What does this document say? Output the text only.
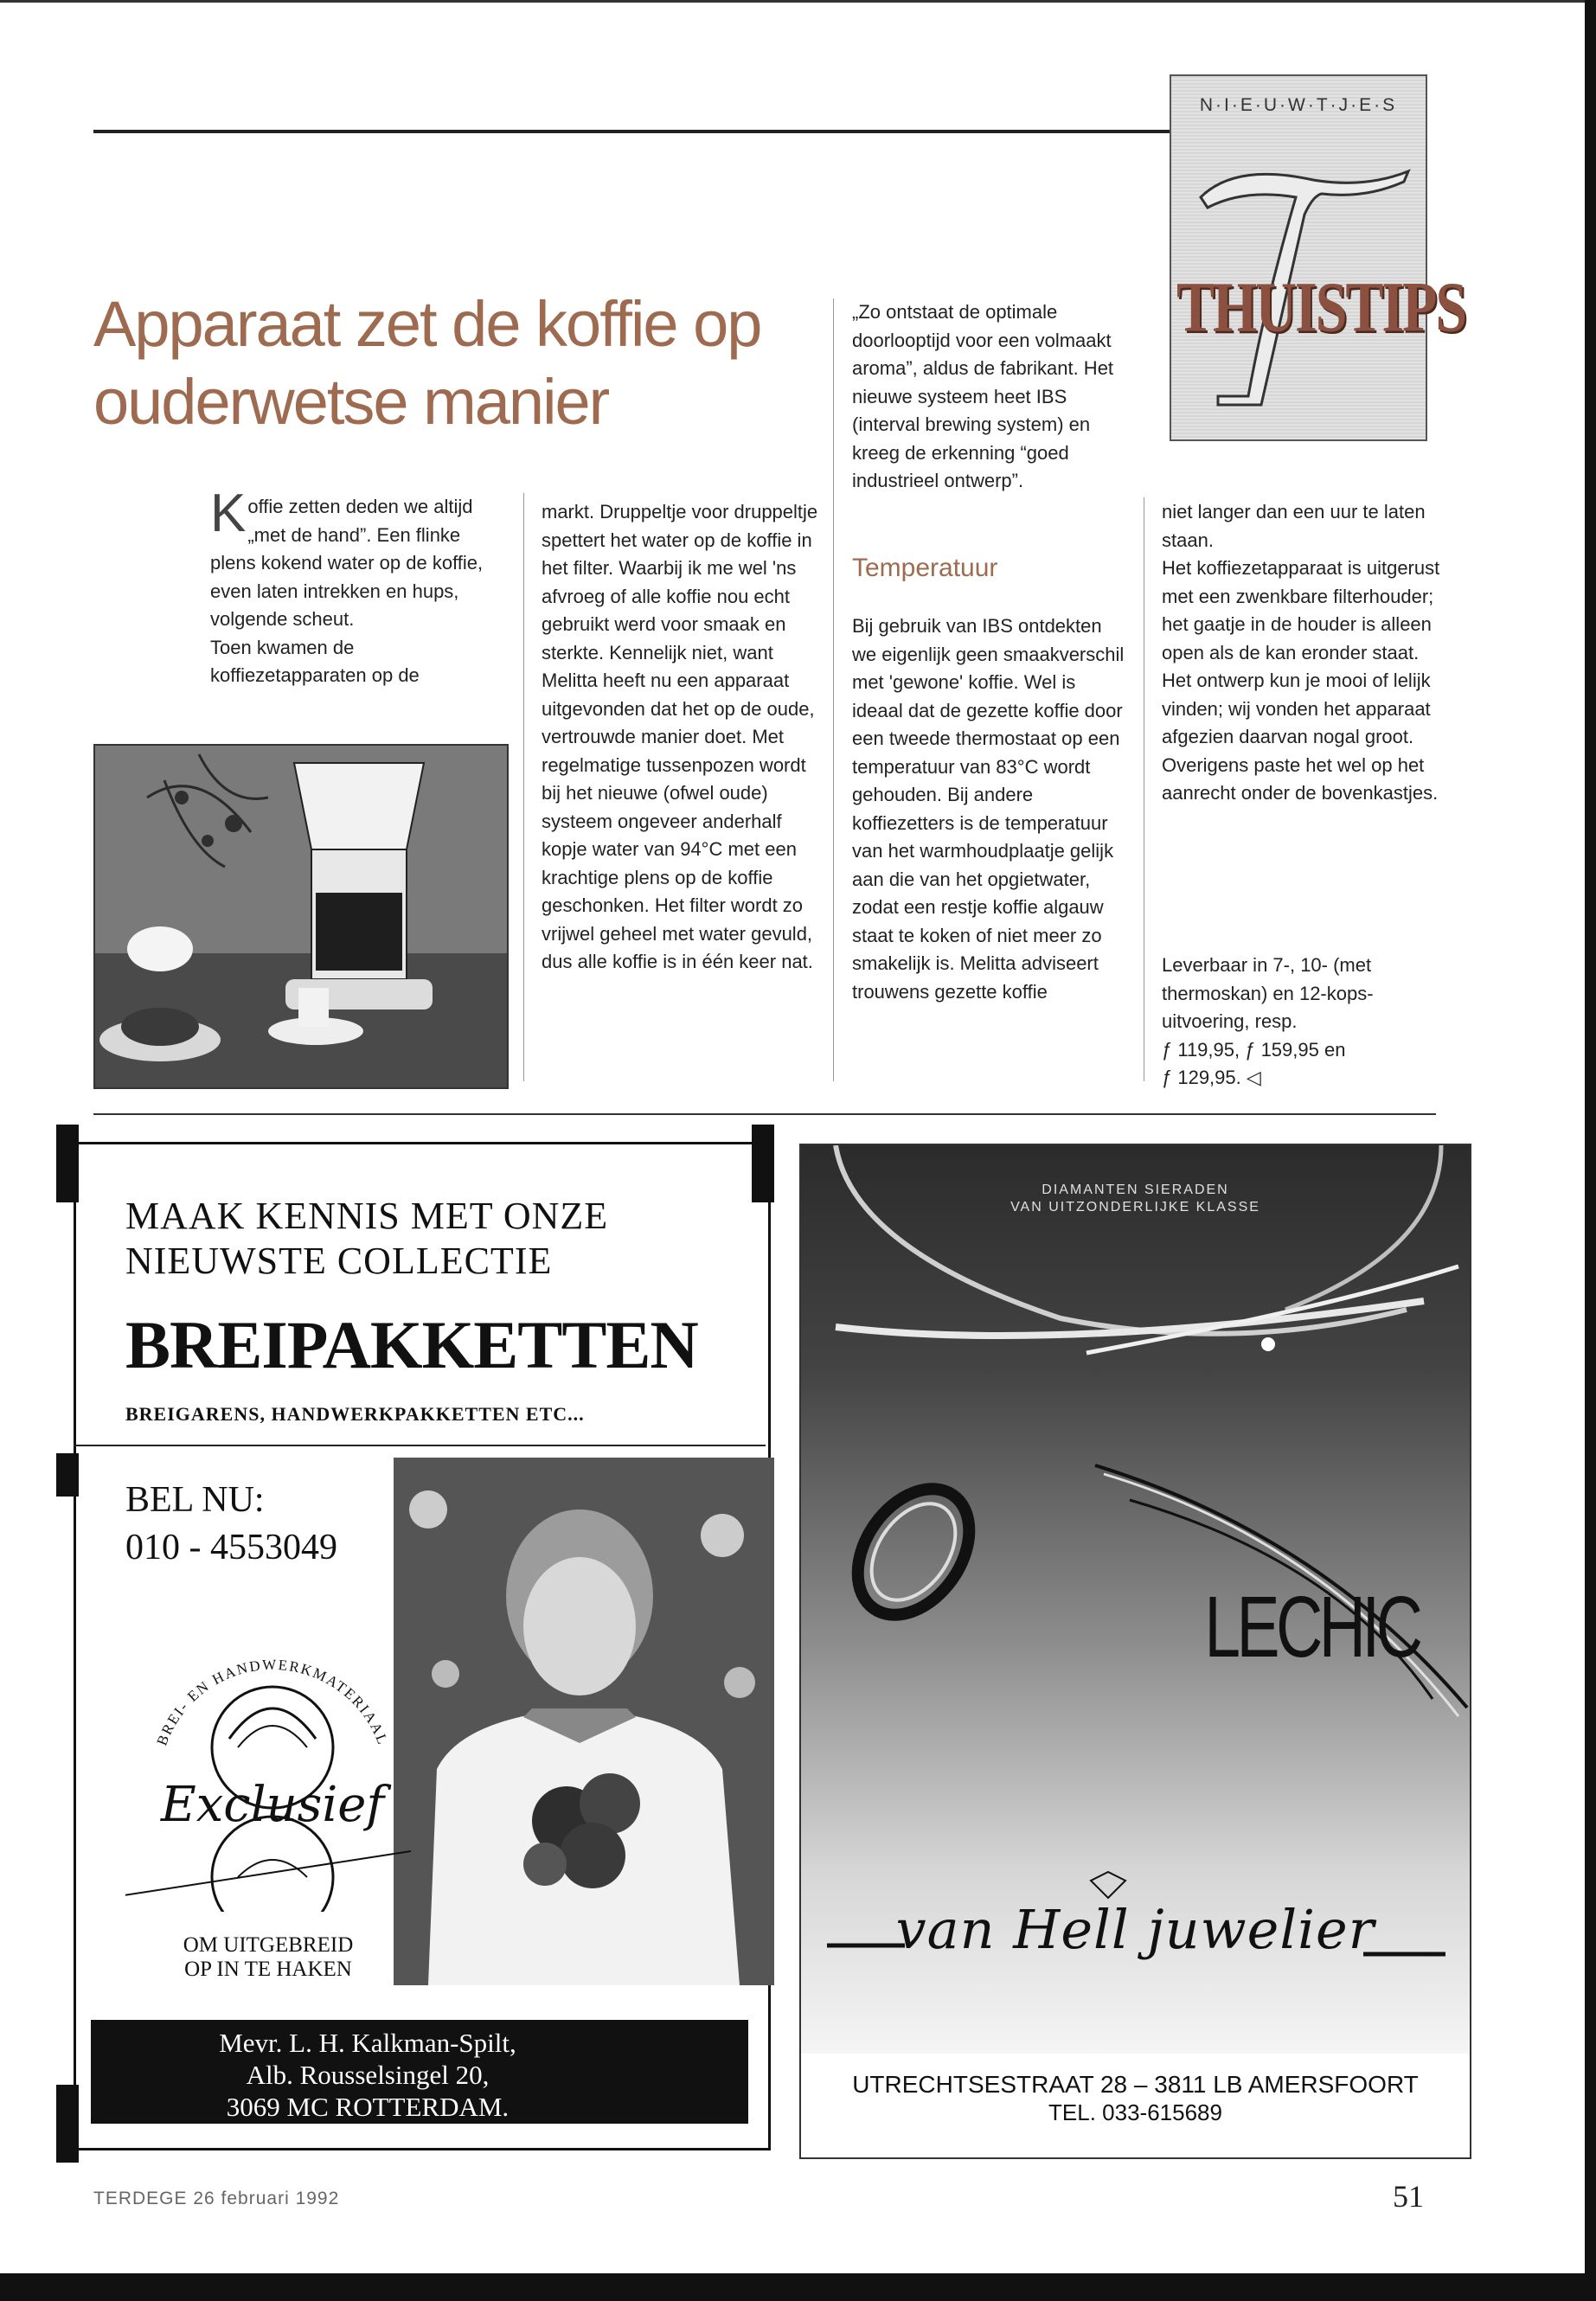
N·I·E·U·W·T·J·E·S
THUISTIPS
Apparaat zet de koffie op ouderwetse manier
Koffie zetten deden we altijd „met de hand”. Een flinke plens kokend water op de koffie, even laten intrekken en hups, volgende scheut.
Toen kwamen de koffiezetapparaten op de
markt. Druppeltje voor druppeltje spettert het water op de koffie in het filter. Waarbij ik me wel 'ns afvroeg of alle koffie nou echt gebruikt werd voor smaak en sterkte. Kennelijk niet, want Melitta heeft nu een apparaat uitgevonden dat het op de oude, vertrouwde manier doet. Met regelmatige tussenpozen wordt bij het nieuwe (ofwel oude) systeem ongeveer anderhalf kopje water van 94°C met een krachtige plens op de koffie geschonken. Het filter wordt zo vrijwel geheel met water gevuld, dus alle koffie is in één keer nat.
„Zo ontstaat de optimale doorlooptijd voor een volmaakt aroma”, aldus de fabrikant. Het nieuwe systeem heet IBS (interval brewing system) en kreeg de erkenning “goed industrieel ontwerp”.
Temperatuur
Bij gebruik van IBS ontdekten we eigenlijk geen smaakverschil met 'gewone' koffie. Wel is ideaal dat de gezette koffie door een tweede thermostaat op een temperatuur van 83°C wordt gehouden. Bij andere koffiezetters is de temperatuur van het warmhoudplaatje gelijk aan die van het opgietwater, zodat een restje koffie algauw staat te koken of niet meer zo smakelijk is. Melitta adviseert trouwens gezette koffie
niet langer dan een uur te laten staan.
Het koffiezetapparaat is uitgerust met een zwenkbare filterhouder; het gaatje in de houder is alleen open als de kan eronder staat. Het ontwerp kun je mooi of lelijk vinden; wij vonden het apparaat afgezien daarvan nogal groot. Overigens paste het wel op het aanrecht onder de bovenkastjes.
Leverbaar in 7-, 10- (met thermoskan) en 12-kops-uitvoering, resp.
ƒ 119,95, ƒ 159,95 en
ƒ 129,95. ◁
MAAK KENNIS MET ONZE
NIEUWSTE COLLECTIE
BREIPAKKETTEN
BREIGARENS, HANDWERKPAKKETTEN ETC...
BEL NU:
010 - 4553049
BREI- EN HANDWERKMATERIAAL
Exclusief
OM UITGEBREID
OP IN TE HAKEN
Mevr. L. H. Kalkman-Spilt,
Alb. Rousselsingel 20,
3069 MC ROTTERDAM.
DIAMANTEN SIERADEN
VAN UITZONDERLIJKE KLASSE
LECHIC
van Hell juwelier
UTRECHTSESTRAAT 28 – 3811 LB AMERSFOORT
TEL. 033-615689
TERDEGE 26 februari 1992	51
